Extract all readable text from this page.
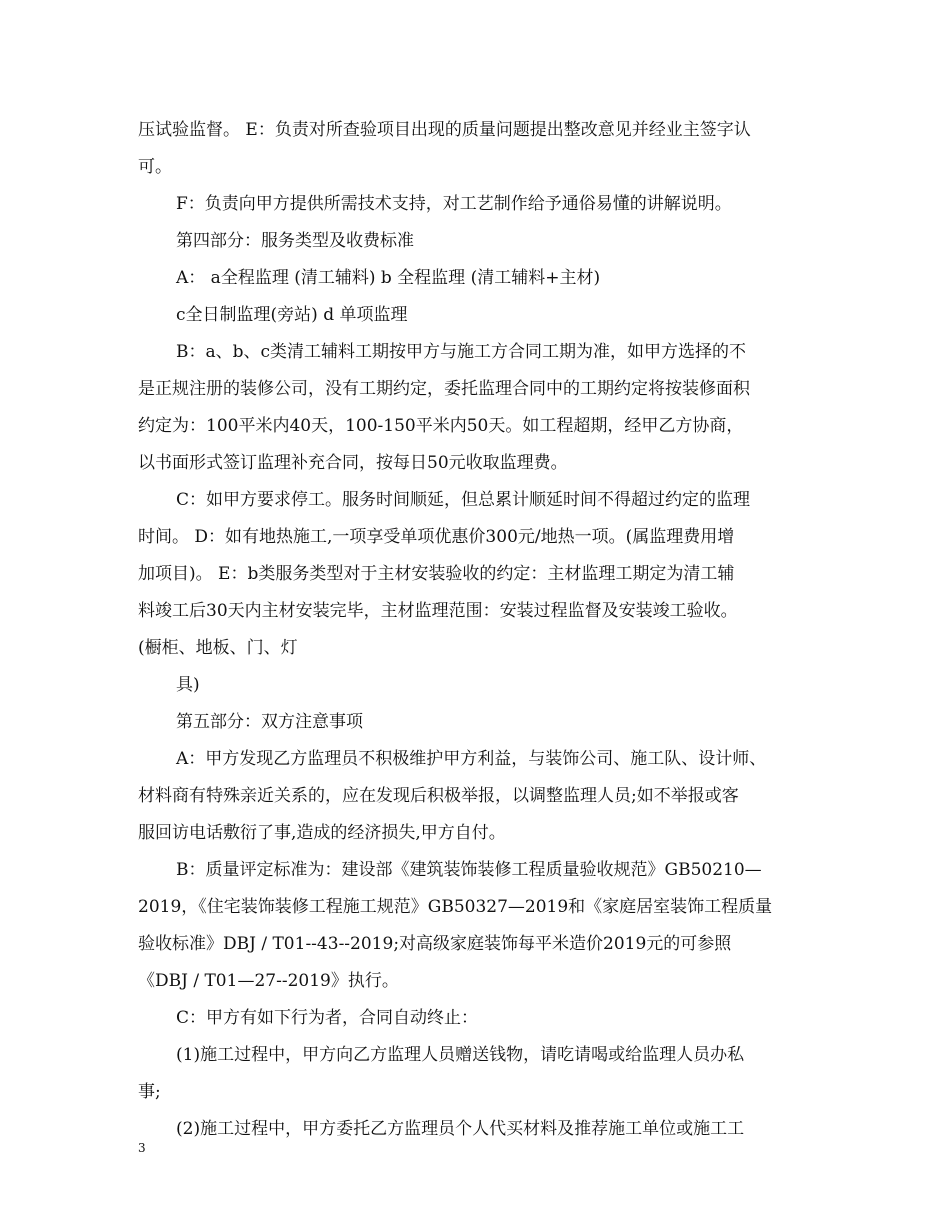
压试验监督。 E：负责对所查验项目出现的质量问题提出整改意见并经业主签字认
可。
F：负责向甲方提供所需技术支持，对工艺制作给予通俗易懂的讲解说明。
第四部分：服务类型及收费标准
A： a全程监理 (清工辅料) b 全程监理 (清工辅料+主材)
c全日制监理(旁站) d 单项监理
B：a、b、c类清工辅料工期按甲方与施工方合同工期为准，如甲方选择的不
是正规注册的装修公司，没有工期约定，委托监理合同中的工期约定将按装修面积
约定为：100平米内40天，100-150平米内50天。如工程超期，经甲乙方协商，
以书面形式签订监理补充合同，按每日50元收取监理费。
C：如甲方要求停工。服务时间顺延，但总累计顺延时间不得超过约定的监理
时间。 D：如有地热施工,一项享受单项优惠价300元/地热一项。(属监理费用增
加项目)。 E：b类服务类型对于主材安装验收的约定：主材监理工期定为清工辅
料竣工后30天内主材安装完毕，主材监理范围：安装过程监督及安装竣工验收。
(橱柜、地板、门、灯
具)
第五部分：双方注意事项
A：甲方发现乙方监理员不积极维护甲方利益，与装饰公司、施工队、设计师、
材料商有特殊亲近关系的，应在发现后积极举报，以调整监理人员;如不举报或客
服回访电话敷衍了事,造成的经济损失,甲方自付。
B：质量评定标准为：建设部《建筑装饰装修工程质量验收规范》GB50210—
2019，《住宅装饰装修工程施工规范》GB50327—2019和《家庭居室装饰工程质量
验收标准》DBJ / T01--43--2019;对高级家庭装饰每平米造价2019元的可参照
《DBJ / T01—27--2019》执行。
C：甲方有如下行为者，合同自动终止：
(1)施工过程中，甲方向乙方监理人员赠送钱物，请吃请喝或给监理人员办私
事;
(2)施工过程中，甲方委托乙方监理员个人代买材料及推荐施工单位或施工工
3
